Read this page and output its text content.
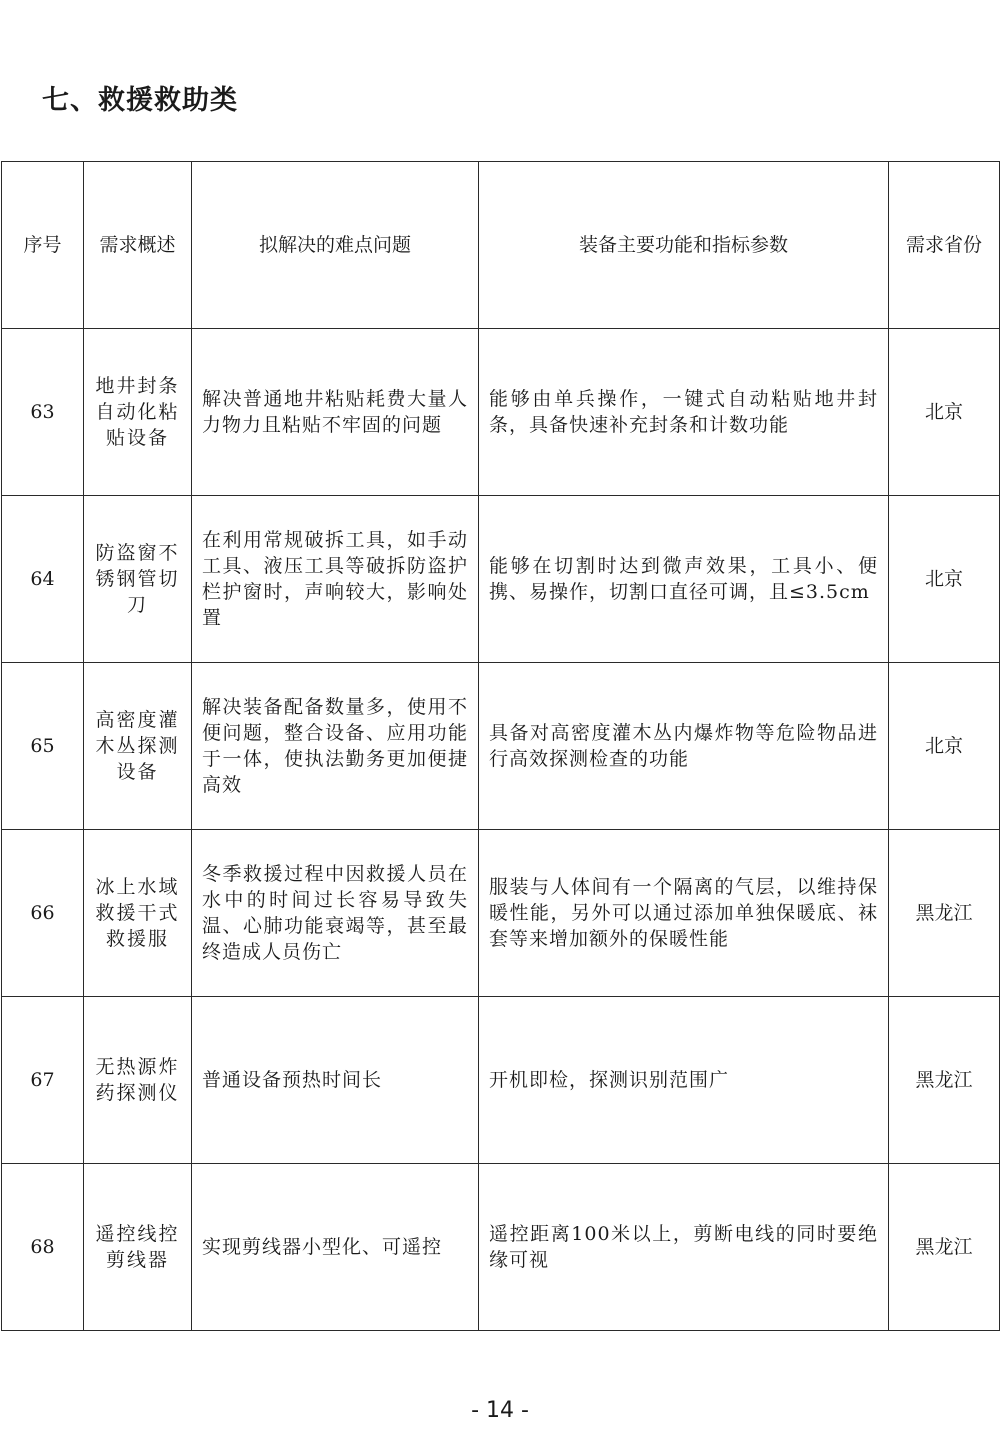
七、救援救助类
序号	需求概述	拟解决的难点问题	装备主要功能和指标参数	需求省份
63	地井封条自动化粘贴设备	解决普通地井粘贴耗费大量人力物力且粘贴不牢固的问题	能够由单兵操作，一键式自动粘贴地井封条，具备快速补充封条和计数功能	北京
64	防盗窗不锈钢管切刀	在利用常规破拆工具，如手动工具、液压工具等破拆防盗护栏护窗时，声响较大，影响处置	能够在切割时达到微声效果，工具小、便携、易操作，切割口直径可调，且≤3.5cm	北京
65	高密度灌木丛探测设备	解决装备配备数量多，使用不便问题，整合设备、应用功能于一体，使执法勤务更加便捷高效	具备对高密度灌木丛内爆炸物等危险物品进行高效探测检查的功能	北京
66	冰上水域救援干式救援服	冬季救援过程中因救援人员在水中的时间过长容易导致失温、心肺功能衰竭等，甚至最终造成人员伤亡	服装与人体间有一个隔离的气层，以维持保暖性能，另外可以通过添加单独保暖底、袜套等来增加额外的保暖性能	黑龙江
67	无热源炸药探测仪	普通设备预热时间长	开机即检，探测识别范围广	黑龙江
68	遥控线控剪线器	实现剪线器小型化、可遥控	遥控距离100米以上，剪断电线的同时要绝缘可视	黑龙江
- 14 -
